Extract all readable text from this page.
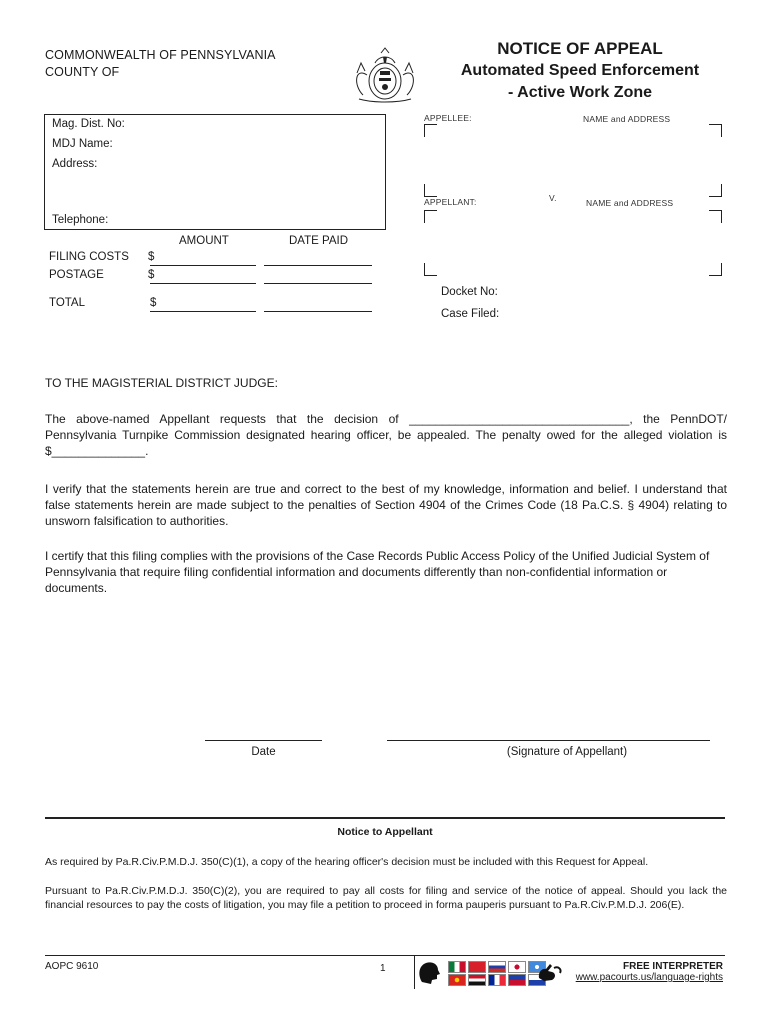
COMMONWEALTH OF PENNSYLVANIA
COUNTY OF
NOTICE OF APPEAL
Automated Speed Enforcement
- Active Work Zone
Mag. Dist. No:
MDJ Name:
Address:
Telephone:
APPELLEE:	NAME and ADDRESS
V.
APPELLANT:	NAME and ADDRESS
Docket No:
Case Filed:
AMOUNT	DATE PAID
FILING COSTS $
POSTAGE	$
TOTAL	$
TO THE MAGISTERIAL DISTRICT JUDGE:
The above-named Appellant requests that the decision of _________________________________, the PennDOT/ Pennsylvania Turnpike Commission designated hearing officer, be appealed. The penalty owed for the alleged violation is $______________.
I verify that the statements herein are true and correct to the best of my knowledge, information and belief. I understand that false statements herein are made subject to the penalties of Section 4904 of the Crimes Code (18 Pa.C.S. § 4904) relating to unsworn falsification to authorities.
I certify that this filing complies with the provisions of the Case Records Public Access Policy of the Unified Judicial System of Pennsylvania that require filing confidential information and documents differently than non-confidential information or documents.
Date	(Signature of Appellant)
Notice to Appellant
As required by Pa.R.Civ.P.M.D.J. 350(C)(1), a copy of the hearing officer's decision must be included with this Request for Appeal.
Pursuant to Pa.R.Civ.P.M.D.J. 350(C)(2), you are required to pay all costs for filing and service of the notice of appeal. Should you lack the financial resources to pay the costs of litigation, you may file a petition to proceed in forma pauperis pursuant to Pa.R.Civ.P.M.D.J. 206(E).
AOPC 9610	1	FREE INTERPRETER
www.pacourts.us/language-rights
